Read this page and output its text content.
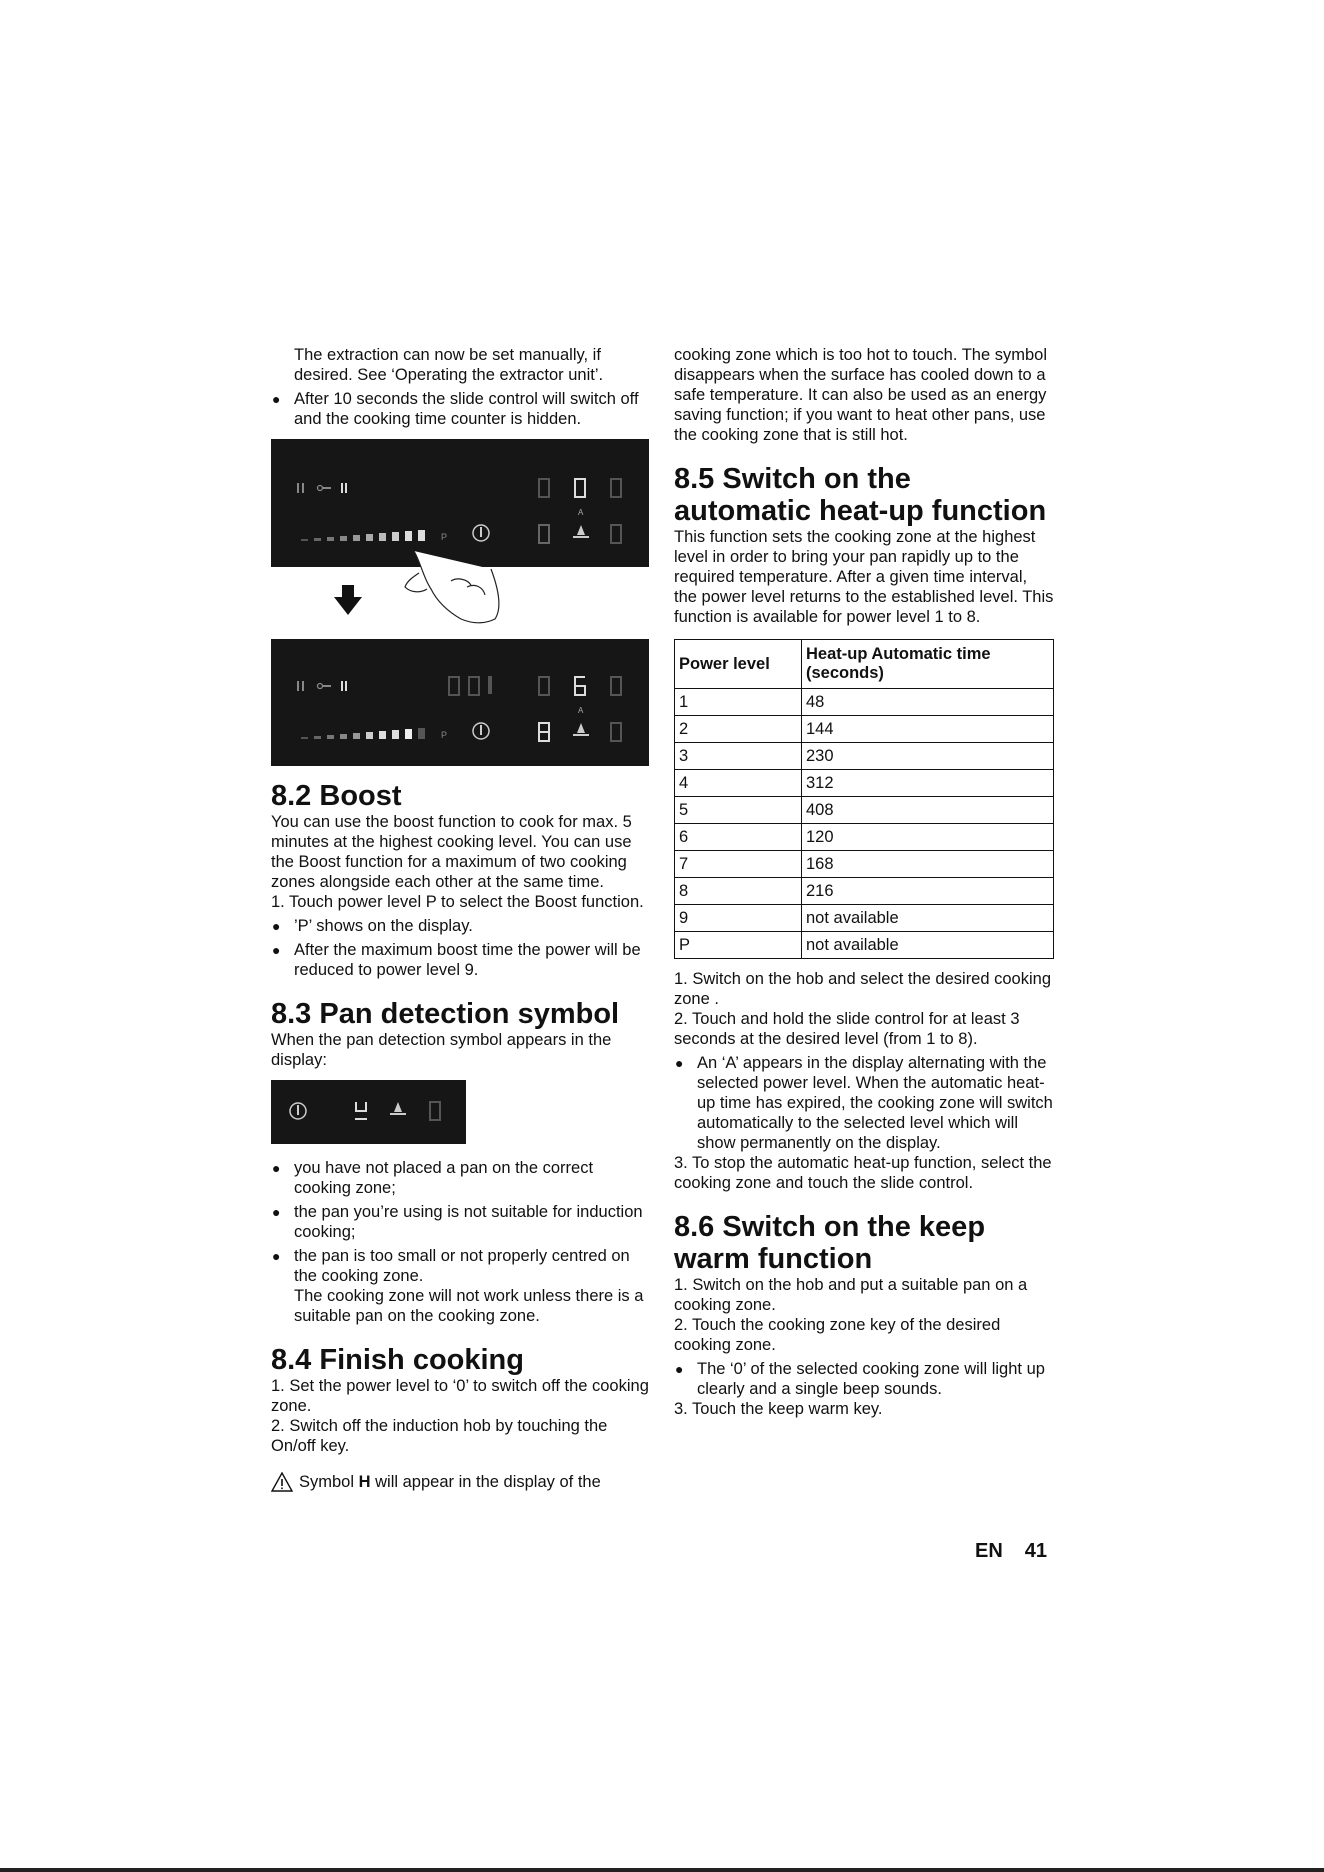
The extraction can now be set manually, if desired. See ‘Operating the extractor unit’.

● After 10 seconds the slide control will switch off and the cooking time counter is hidden.
A
P
A
P
8.2 Boost

You can use the boost function to cook for max. 5 minutes at the highest cooking level. You can use the Boost function for a maximum of two cooking zones alongside each other at the same time.

1. Touch power level P to select the Boost function.

● ’P’ shows on the display.
● After the maximum boost time the power will be reduced to power level 9.
8.3 Pan detection symbol

When the pan detection symbol appears in the display:

● you have not placed a pan on the correct cooking zone;
● the pan you’re using is not suitable for induction cooking;
● the pan is too small or not properly centred on the cooking zone.

The cooking zone will not work unless there is a suitable pan on the cooking zone.

8.4 Finish cooking

1. Set the power level to ‘0’ to switch off the cooking zone.

2. Switch off the induction hob by touching the On/off key.

Symbol H will appear in the display of the

cooking zone which is too hot to touch. The symbol disappears when the surface has cooled down to a safe temperature. It can also be used as an energy saving function; if you want to heat other pans, use the cooking zone that is still hot.

8.5 Switch on the automatic heat-up function

This function sets the cooking zone at the highest level in order to bring your pan rapidly up to the required temperature. After a given time interval, the power level returns to the established level. This function is available for power level 1 to 8.

Power level	Heat-up Automatic time (seconds)
1	48
2	144
3	230
4	312
5	408
6	120
7	168
8	216
9	not available
P	not available

1. Switch on the hob and select the desired cooking zone .

2. Touch and hold the slide control for at least 3 seconds at the desired level (from 1 to 8).

● An ‘A’ appears in the display alternating with the selected power level. When the automatic heat-up time has expired, the cooking zone will switch automatically to the selected level which will show permanently on the display.

3. To stop the automatic heat-up function, select the cooking zone and touch the slide control.

8.6 Switch on the keep warm function

1. Switch on the hob and put a suitable pan on a cooking zone.

2. Touch the cooking zone key of the desired cooking zone.

● The ‘0’ of the selected cooking zone will light up clearly and a single beep sounds.

3. Touch the keep warm key.

EN 41
